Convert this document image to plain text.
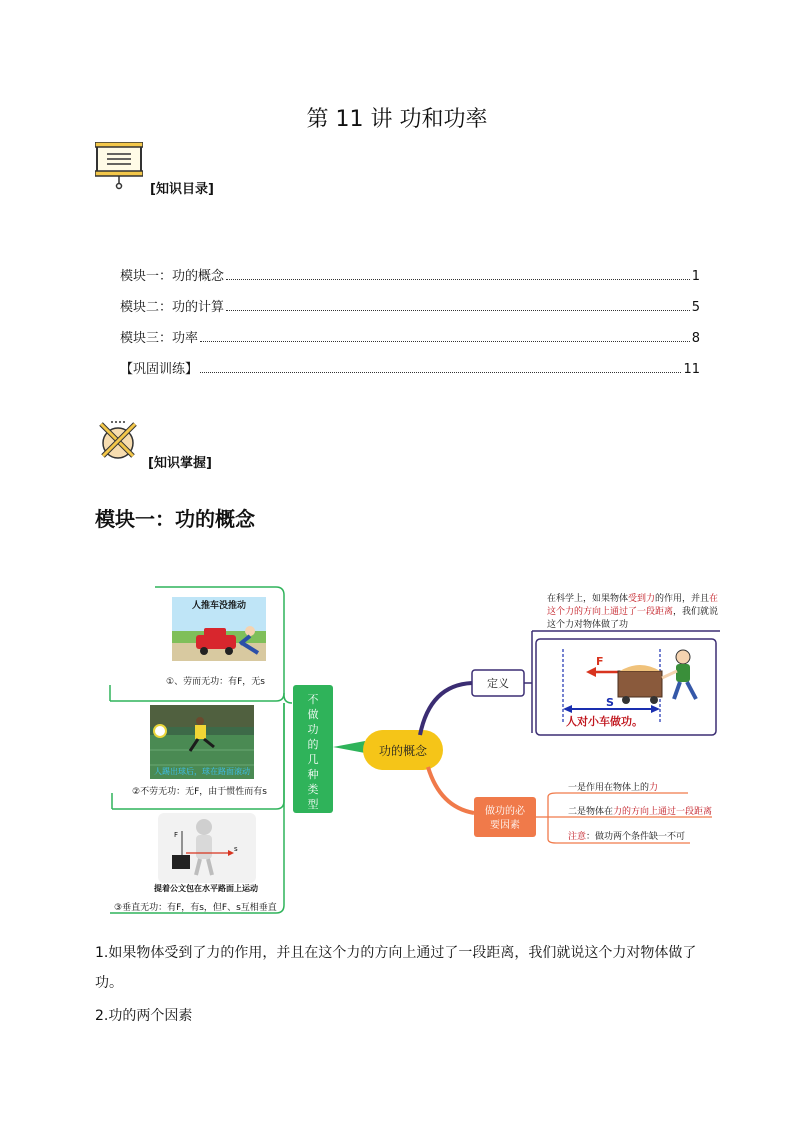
第 11 讲 功和功率
[知识目录]
模块一：功的概念	1
模块二：功的计算	5
模块三：功率	8
【巩固训练】	11
[知识掌握]
模块一：功的概念
不
做
功
的
几
种
类
型
功的概念
定义
在科学上，如果物体受到力的作用，并且在
这个力的方向上通过了一段距离，我们就说
这个力对物体做了功
F
S
人对小车做功。
做功的必
要因素
一是作用在物体上的力
二是物体在力的方向上通过一段距离
注意：做功两个条件缺一不可
人推车没推动
①、劳而无功：有F，无s
人踢出球后，球在路面滚动
②不劳无功：无F，由于惯性而有s
F
s
提着公文包在水平路面上运动
③垂直无功：有F，有s，但F、s互相垂直
1.如果物体受到了力的作用，并且在这个力的方向上通过了一段距离，我们就说这个力对物体做了功。
2.功的两个因素
